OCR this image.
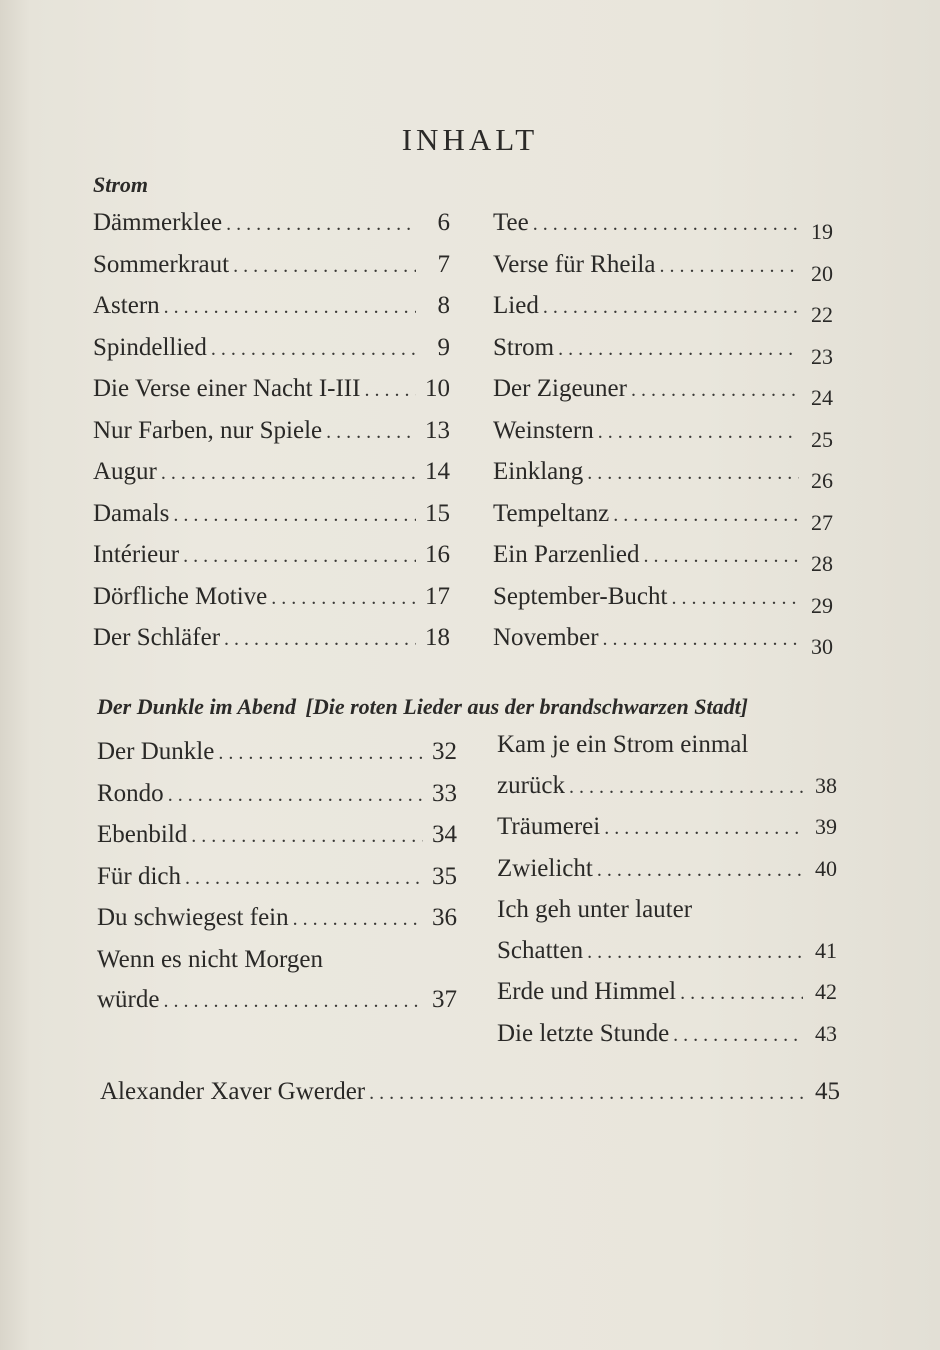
INHALT
Strom
Dämmerklee . . .	6
Sommerkraut . . .	7
Astern . . .	8
Spindellied . . .	9
Die Verse einer Nacht I-III . . .	10
Nur Farben, nur Spiele . . .	13
Augur . . .	14
Damals . . .	15
Intérieur . . .	16
Dörfliche Motive . . .	17
Der Schläfer . . .	18
Tee . . .	19
Verse für Rheila . . .	20
Lied . . .	22
Strom . . .	23
Der Zigeuner . . .	24
Weinstern . . .	25
Einklang . . .	26
Tempeltanz . . .	27
Ein Parzenlied . . .	28
September-Bucht . . .	29
November . . .	30
Der Dunkle im Abend [Die roten Lieder aus der brandschwarzen Stadt]
Der Dunkle . . .	32
Rondo . . .	33
Ebenbild . . .	34
Für dich . . .	35
Du schwiegest fein . . .	36
Wenn es nicht Morgen
würde . . .	37
Kam je ein Strom einmal
zurück . . .	38
Träumerei . . .	39
Zwielicht . . .	40
Ich geh unter lauter
Schatten . . .	41
Erde und Himmel . . .	42
Die letzte Stunde . . .	43
Alexander Xaver Gwerder . . .	45
